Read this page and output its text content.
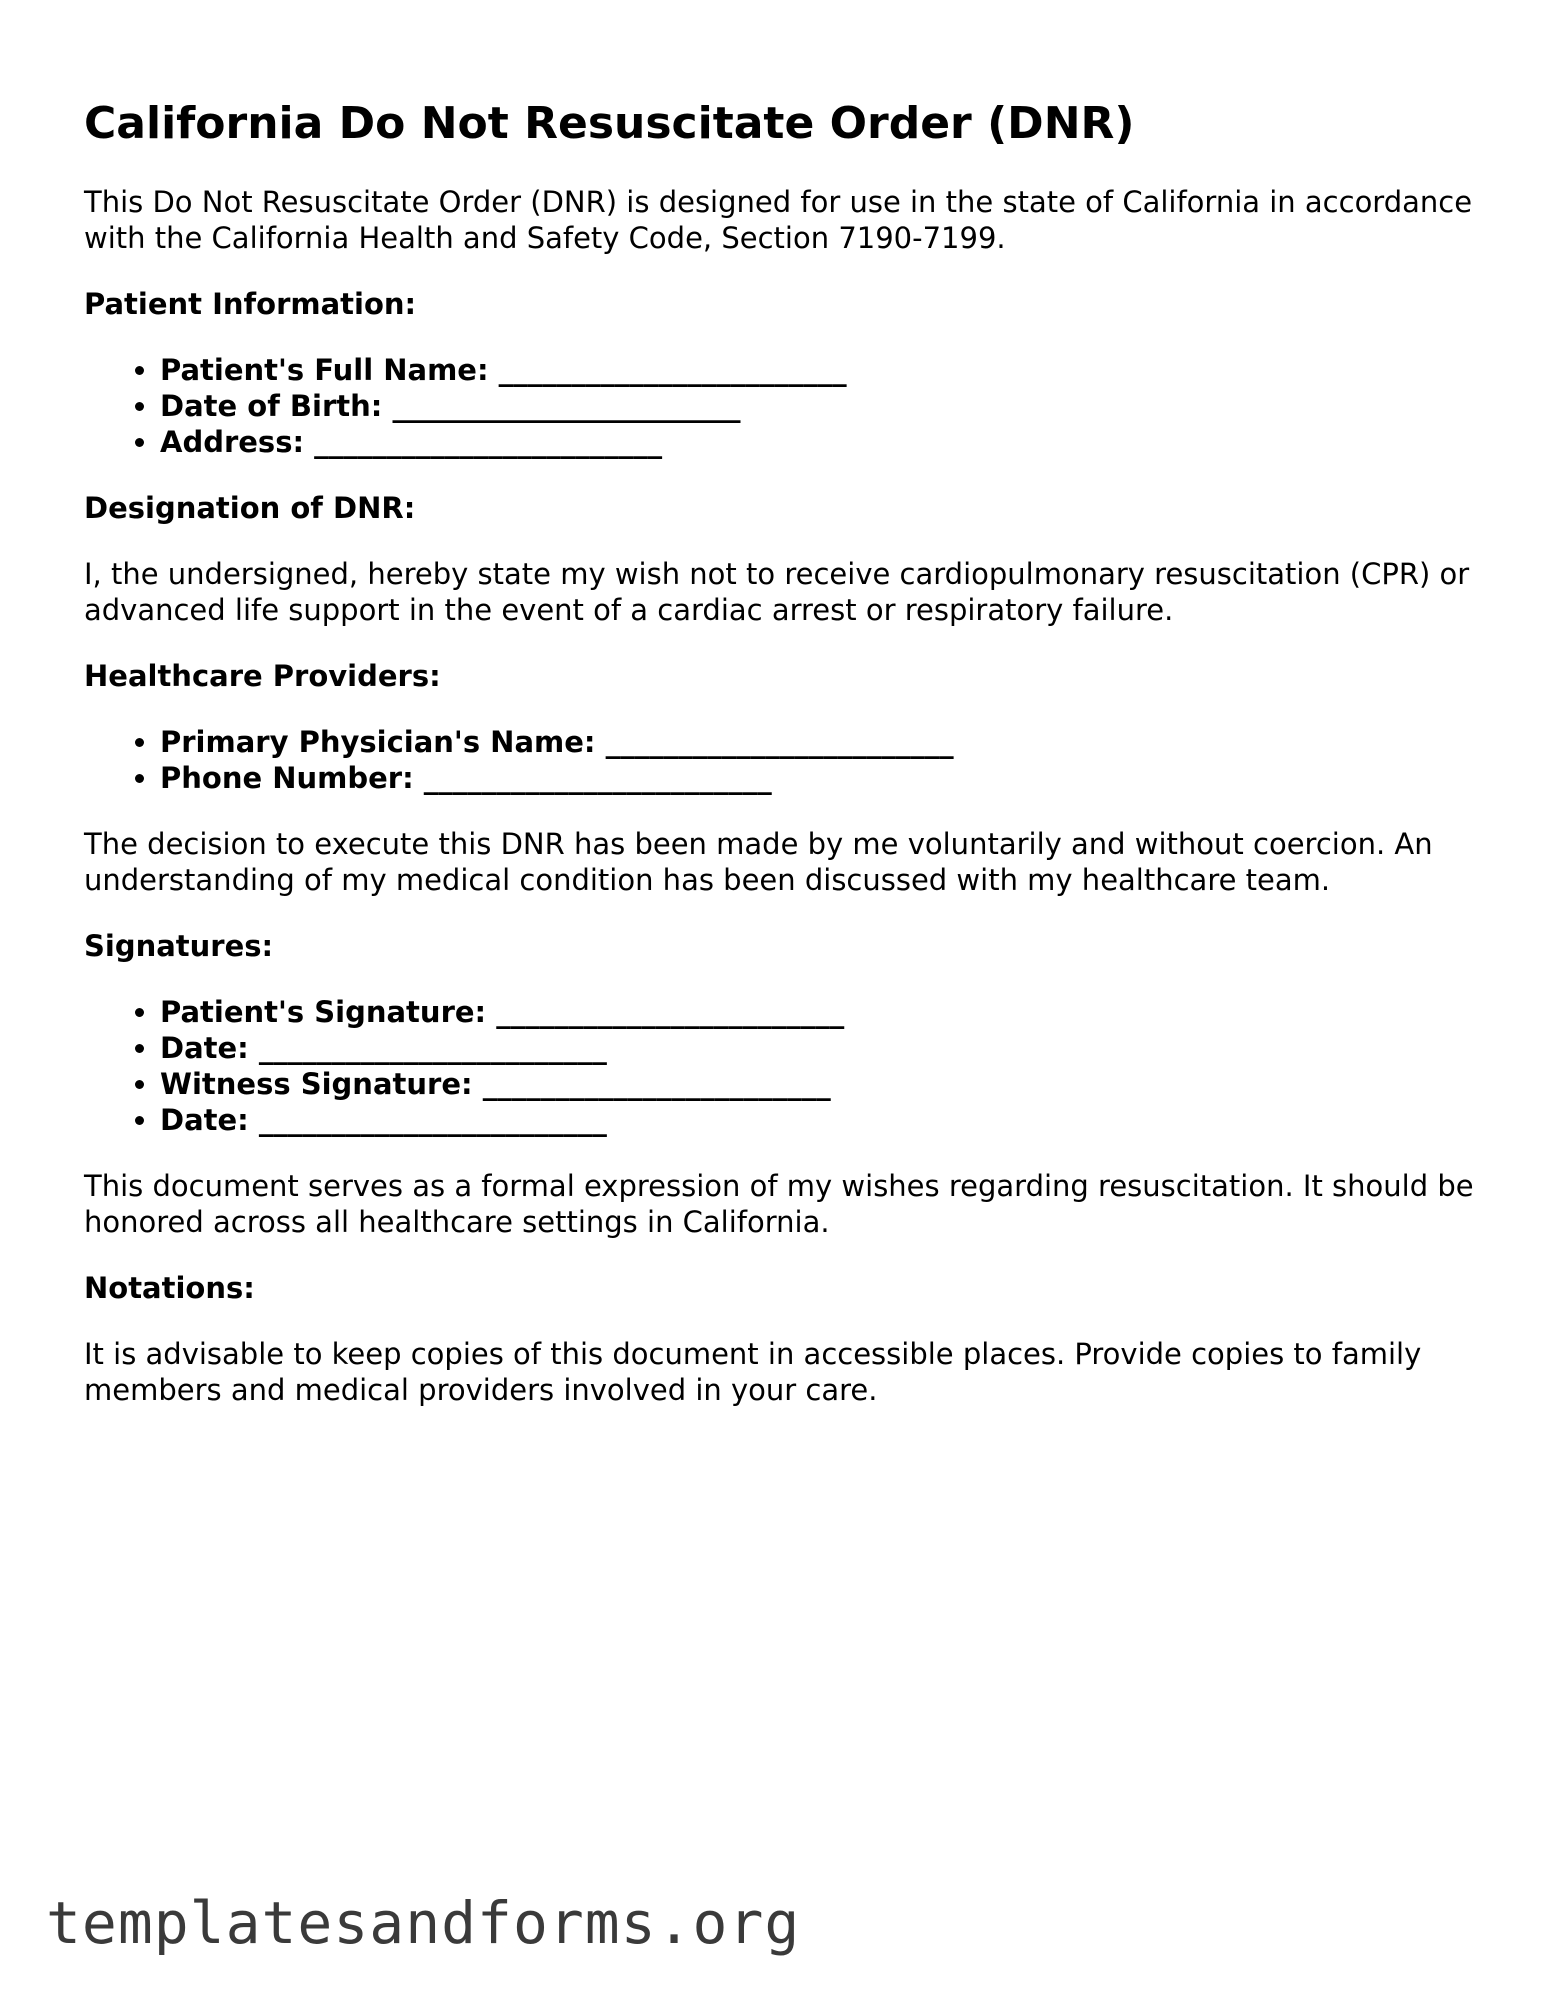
California Do Not Resuscitate Order (DNR)

This Do Not Resuscitate Order (DNR) is designed for use in the state of California in accordance with the California Health and Safety Code, Section 7190-7199.

Patient Information:
• Patient's Full Name: ________________________
• Date of Birth: ________________________
• Address: ________________________
Designation of DNR:

I, the undersigned, hereby state my wish not to receive cardiopulmonary resuscitation (CPR) or advanced life support in the event of a cardiac arrest or respiratory failure.

Healthcare Providers:
• Primary Physician's Name: ________________________
• Phone Number: ________________________

The decision to execute this DNR has been made by me voluntarily and without coercion. An understanding of my medical condition has been discussed with my healthcare team.

Signatures:
• Patient's Signature: ________________________
• Date: ________________________
• Witness Signature: ________________________
• Date: ________________________

This document serves as a formal expression of my wishes regarding resuscitation. It should be honored across all healthcare settings in California.

Notations:

It is advisable to keep copies of this document in accessible places. Provide copies to family members and medical providers involved in your care.

templatesandforms.org
